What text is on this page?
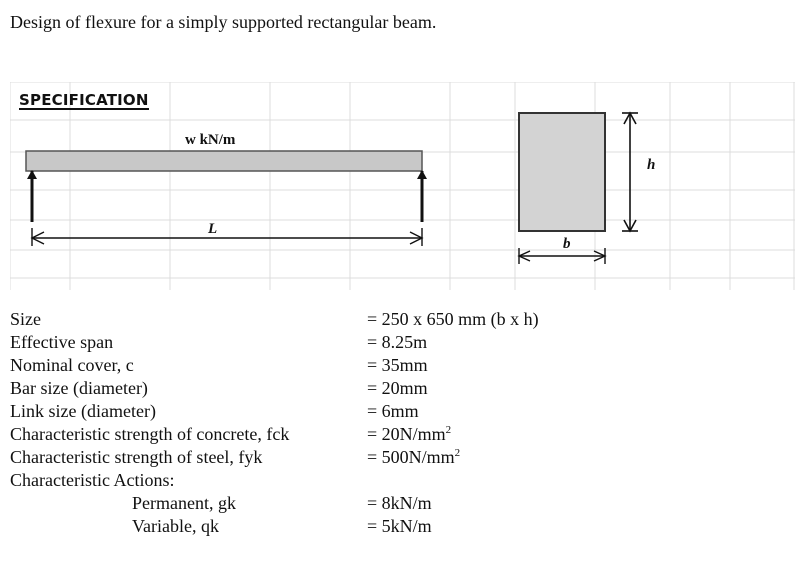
Design of flexure for a simply supported rectangular beam.
SPECIFICATION
w kN/m
L
b
h
Size
Effective span
Nominal cover, c
Bar size (diameter)
Link size (diameter)
Characteristic strength of concrete, fck
Characteristic strength of steel, fyk
Characteristic Actions:
Permanent, gk
Variable, qk
= 250 x 650 mm (b x h)
= 8.25m
= 35mm
= 20mm
= 6mm
= $20N/mm^2$
= $500N/mm^2$
= 8kN/m
= 5kN/m
